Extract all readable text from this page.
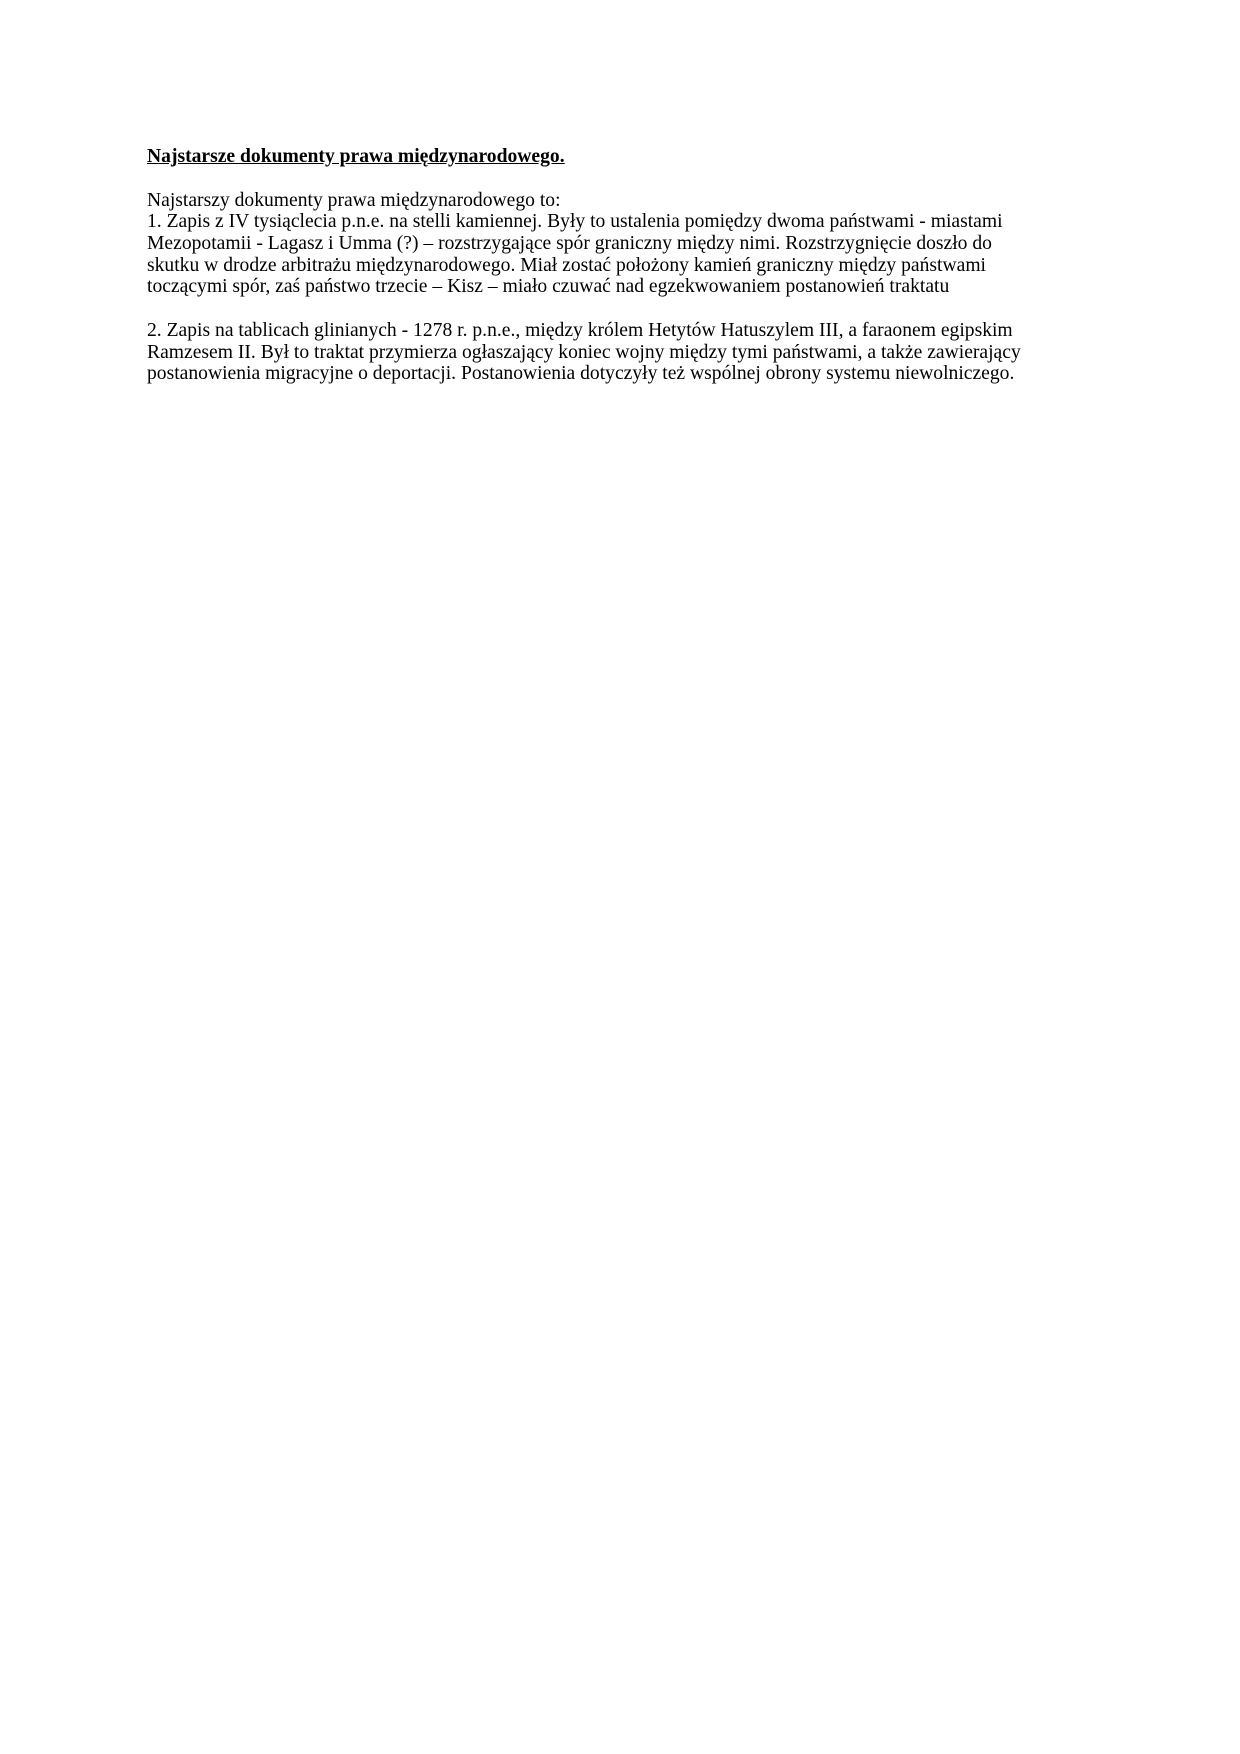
Najstarsze dokumenty prawa międzynarodowego.
Najstarszy dokumenty prawa międzynarodowego to:
1. Zapis z IV tysiąclecia p.n.e. na stelli kamiennej. Były to ustalenia pomiędzy dwoma państwami - miastami
Mezopotamii - Lagasz i Umma (?) – rozstrzygające spór graniczny między nimi. Rozstrzygnięcie doszło do
skutku w drodze arbitrażu międzynarodowego. Miał zostać położony kamień graniczny między państwami
toczącymi spór, zaś państwo trzecie – Kisz – miało czuwać nad egzekwowaniem postanowień traktatu
2. Zapis na tablicach glinianych - 1278 r. p.n.e., między królem Hetytów Hatuszylem III, a faraonem egipskim
Ramzesem II. Był to traktat przymierza ogłaszający koniec wojny między tymi państwami, a także zawierający
postanowienia migracyjne o deportacji. Postanowienia dotyczyły też wspólnej obrony systemu niewolniczego.
